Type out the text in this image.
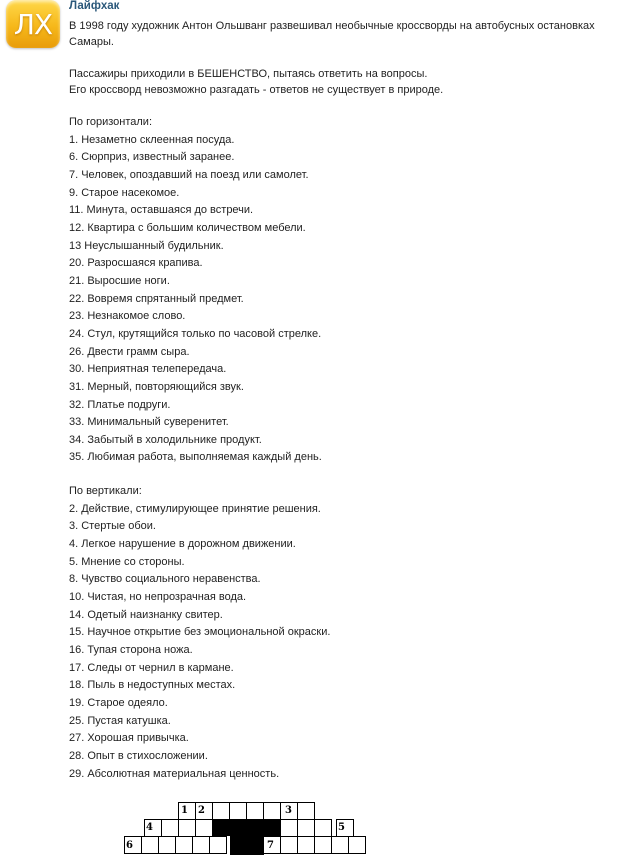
ЛХ
Лайфхак

В 1998 году художник Антон Ольшванг развешивал необычные кроссворды на автобусных остановках Самары.

Пассажиры приходили в БЕШЕНСТВО, пытаясь ответить на вопросы.

Его кроссворд невозможно разгадать - ответов не существует в природе.

По горизонтали:
1. Незаметно склеенная посуда.
6. Сюрприз, известный заранее.
7. Человек, опоздавший на поезд или самолет.
9. Старое насекомое.
11. Минута, оставшаяся до встречи.
12. Квартира с большим количеством мебели.
13 Неуслышанный будильник.
20. Разросшаяся крапива.
21. Выросшие ноги.
22. Вовремя спрятанный предмет.
23. Незнакомое слово.
24. Стул, крутящийся только по часовой стрелке.
26. Двести грамм сыра.
30. Неприятная телепередача.
31. Мерный, повторяющийся звук.
32. Платье подруги.
33. Минимальный суверенитет.
34. Забытый в холодильнике продукт.
35. Любимая работа, выполняемая каждый день.
По вертикали:
2. Действие, стимулирующее принятие решения.
3. Стертые обои.
4. Легкое нарушение в дорожном движении.
5. Мнение со стороны.
8. Чувство социального неравенства.
10. Чистая, но непрозрачная вода.
14. Одетый наизнанку свитер.
15. Научное открытие без эмоциональной окраски.
16. Тупая сторона ножа.
17. Следы от чернил в кармане.
18. Пыль в недоступных местах.
19. Старое одеяло.
25. Пустая катушка.
27. Хорошая привычка.
28. Опыт в стихосложении.
29. Абсолютная материальная ценность.
1 2	3
4	5
6	7
